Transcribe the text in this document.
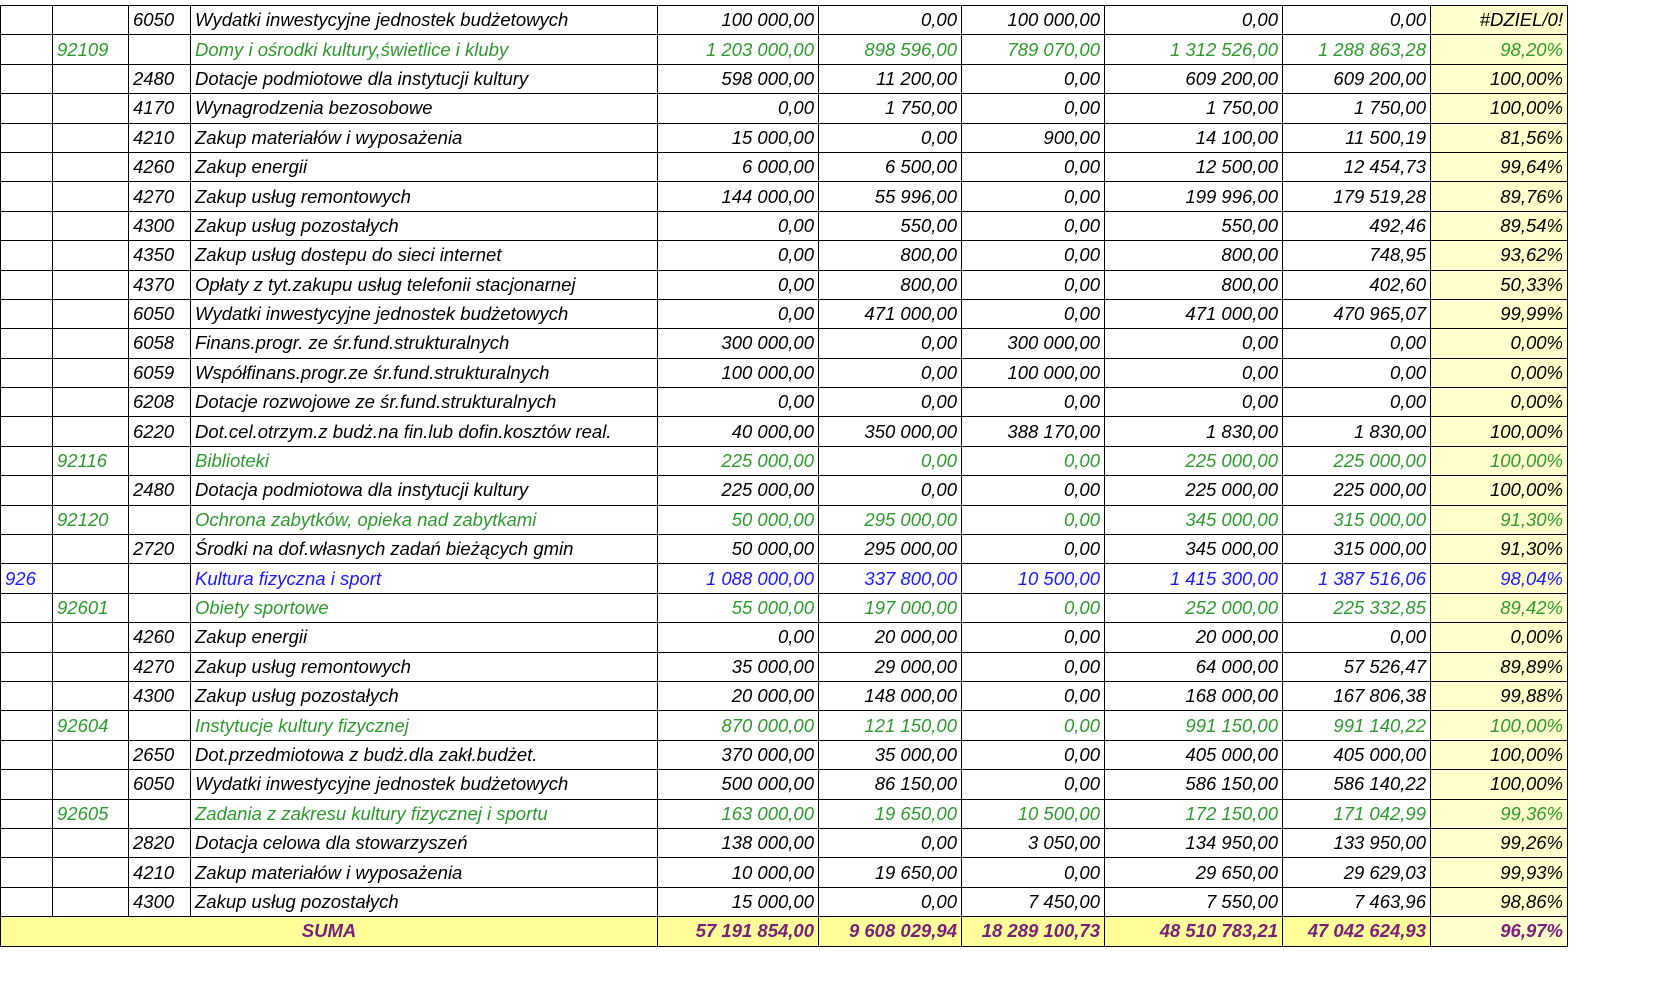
		6050	Wydatki inwestycyjne jednostek budżetowych	100 000,00	0,00	100 000,00	0,00	0,00	#DZIEL/0!
	92109		Domy i ośrodki kultury,świetlice i kluby	1 203 000,00	898 596,00	789 070,00	1 312 526,00	1 288 863,28	98,20%
		2480	Dotacje podmiotowe dla instytucji kultury	598 000,00	11 200,00	0,00	609 200,00	609 200,00	100,00%
		4170	Wynagrodzenia bezosobowe	0,00	1 750,00	0,00	1 750,00	1 750,00	100,00%
		4210	Zakup materiałów i wyposażenia	15 000,00	0,00	900,00	14 100,00	11 500,19	81,56%
		4260	Zakup energii	6 000,00	6 500,00	0,00	12 500,00	12 454,73	99,64%
		4270	Zakup usług remontowych	144 000,00	55 996,00	0,00	199 996,00	179 519,28	89,76%
		4300	Zakup usług pozostałych	0,00	550,00	0,00	550,00	492,46	89,54%
		4350	Zakup usług dostepu do sieci internet	0,00	800,00	0,00	800,00	748,95	93,62%
		4370	Opłaty z tyt.zakupu usług telefonii stacjonarnej	0,00	800,00	0,00	800,00	402,60	50,33%
		6050	Wydatki inwestycyjne jednostek budżetowych	0,00	471 000,00	0,00	471 000,00	470 965,07	99,99%
		6058	Finans.progr. ze śr.fund.strukturalnych	300 000,00	0,00	300 000,00	0,00	0,00	0,00%
		6059	Współfinans.progr.ze śr.fund.strukturalnych	100 000,00	0,00	100 000,00	0,00	0,00	0,00%
		6208	Dotacje rozwojowe ze śr.fund.strukturalnych	0,00	0,00	0,00	0,00	0,00	0,00%
		6220	Dot.cel.otrzym.z budż.na fin.lub dofin.kosztów real.	40 000,00	350 000,00	388 170,00	1 830,00	1 830,00	100,00%
	92116		Biblioteki	225 000,00	0,00	0,00	225 000,00	225 000,00	100,00%
		2480	Dotacja podmiotowa dla instytucji kultury	225 000,00	0,00	0,00	225 000,00	225 000,00	100,00%
	92120		Ochrona zabytków, opieka nad zabytkami	50 000,00	295 000,00	0,00	345 000,00	315 000,00	91,30%
		2720	Środki na dof.własnych zadań bieżących gmin	50 000,00	295 000,00	0,00	345 000,00	315 000,00	91,30%
926			Kultura fizyczna i sport	1 088 000,00	337 800,00	10 500,00	1 415 300,00	1 387 516,06	98,04%
	92601		Obiety sportowe	55 000,00	197 000,00	0,00	252 000,00	225 332,85	89,42%
		4260	Zakup energii	0,00	20 000,00	0,00	20 000,00	0,00	0,00%
		4270	Zakup usług remontowych	35 000,00	29 000,00	0,00	64 000,00	57 526,47	89,89%
		4300	Zakup usług pozostałych	20 000,00	148 000,00	0,00	168 000,00	167 806,38	99,88%
	92604		Instytucje kultury fizycznej	870 000,00	121 150,00	0,00	991 150,00	991 140,22	100,00%
		2650	Dot.przedmiotowa z budż.dla zakł.budżet.	370 000,00	35 000,00	0,00	405 000,00	405 000,00	100,00%
		6050	Wydatki inwestycyjne jednostek budżetowych	500 000,00	86 150,00	0,00	586 150,00	586 140,22	100,00%
	92605		Zadania z zakresu kultury fizycznej i sportu	163 000,00	19 650,00	10 500,00	172 150,00	171 042,99	99,36%
		2820	Dotacja celowa dla stowarzyszeń	138 000,00	0,00	3 050,00	134 950,00	133 950,00	99,26%
		4210	Zakup materiałów i wyposażenia	10 000,00	19 650,00	0,00	29 650,00	29 629,03	99,93%
		4300	Zakup usług pozostałych	15 000,00	0,00	7 450,00	7 550,00	7 463,96	98,86%
SUMA				57 191 854,00	9 608 029,94	18 289 100,73	48 510 783,21	47 042 624,93	96,97%
